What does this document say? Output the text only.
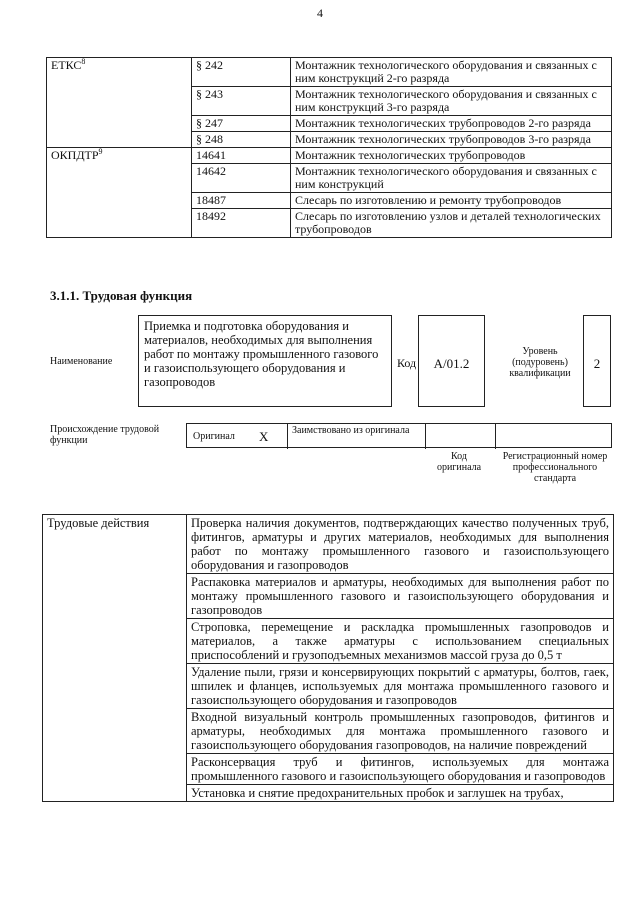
4
ЕТКС$^8$	§ 242	Монтажник технологического оборудования и связанных с ним конструкций 2-го разряда
	§ 243	Монтажник технологического оборудования и связанных с ним конструкций 3-го разряда
	§ 247	Монтажник технологических трубопроводов 2-го разряда
	§ 248	Монтажник технологических трубопроводов 3-го разряда
ОКПДТР$^9$	14641	Монтажник технологических трубопроводов
	14642	Монтажник технологического оборудования и связанных с ним конструкций
	18487	Слесарь по изготовлению и ремонту трубопроводов
	18492	Слесарь по изготовлению узлов и деталей технологических трубопроводов
3.1.1. Трудовая функция
Наименование
Приемка и подготовка оборудования и материалов, необходимых для выполнения работ по монтажу промышленного газового и газоиспользующего оборудования и газопроводов
Код	A/01.2
Уровень (подуровень) квалификации
2
Происхождение трудовой функции	Оригинал X Заимствовано из оригинала
Код оригинала
Регистрационный номер профессионального стандарта
Трудовые действия	Проверка наличия документов, подтверждающих качество полученных труб, фитингов, арматуры и других материалов, необходимых для выполнения работ по монтажу промышленного газового и газоиспользующего оборудования и газопроводов
Распаковка материалов и арматуры, необходимых для выполнения работ по монтажу промышленного газового и газоиспользующего оборудования и газопроводов
Строповка, перемещение и раскладка промышленных газопроводов и материалов, а также арматуры с использованием специальных приспособлений и грузоподъемных механизмов массой груза до 0,5 т
Удаление пыли, грязи и консервирующих покрытий с арматуры, болтов, гаек, шпилек и фланцев, используемых для монтажа промышленного газового и газоиспользующего оборудования и газопроводов
Входной визуальный контроль промышленных газопроводов, фитингов и арматуры, необходимых для монтажа промышленного газового и газоиспользующего оборудования газопроводов, на наличие повреждений
Расконсервация труб и фитингов, используемых для монтажа промышленного газового и газоиспользующего оборудования и газопроводов
Установка и снятие предохранительных пробок и заглушек на трубах,
